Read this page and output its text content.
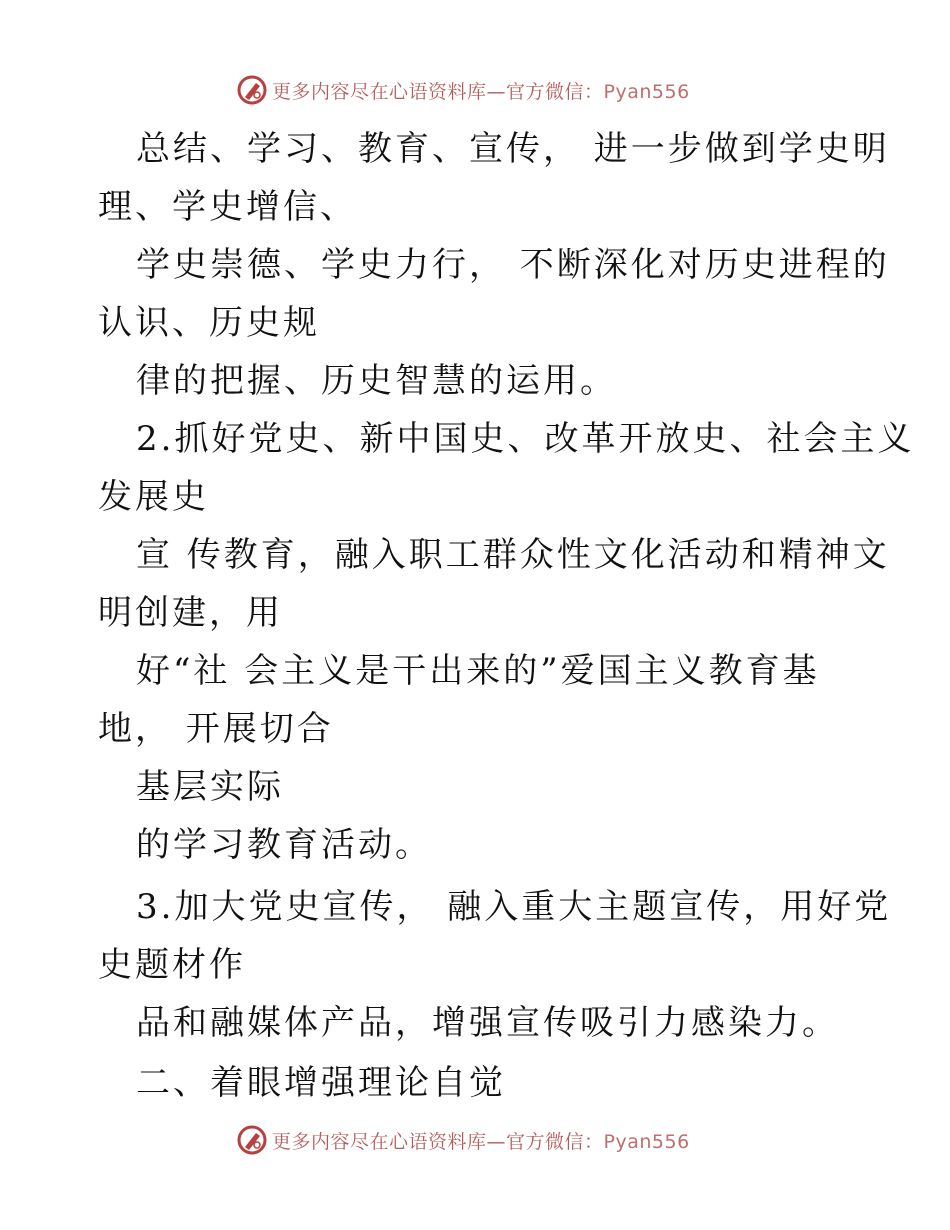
更多内容尽在心语资料库—官方微信：Pyan556
总结、学习、教育、宣传， 进一步做到学史明
理、学史增信、
学史崇德、学史力行， 不断深化对历史进程的
认识、历史规
律的把握、历史智慧的运用。
2.抓好党史、新中国史、改革开放史、社会主义
发展史
宣 传教育，融入职工群众性文化活动和精神文
明创建，用
好“社 会主义是干出来的”爱国主义教育基
地， 开展切合
基层实际
的学习教育活动。
3.加大党史宣传， 融入重大主题宣传，用好党
史题材作
品和融媒体产品，增强宣传吸引力感染力。
二、着眼增强理论自觉
更多内容尽在心语资料库—官方微信：Pyan556
